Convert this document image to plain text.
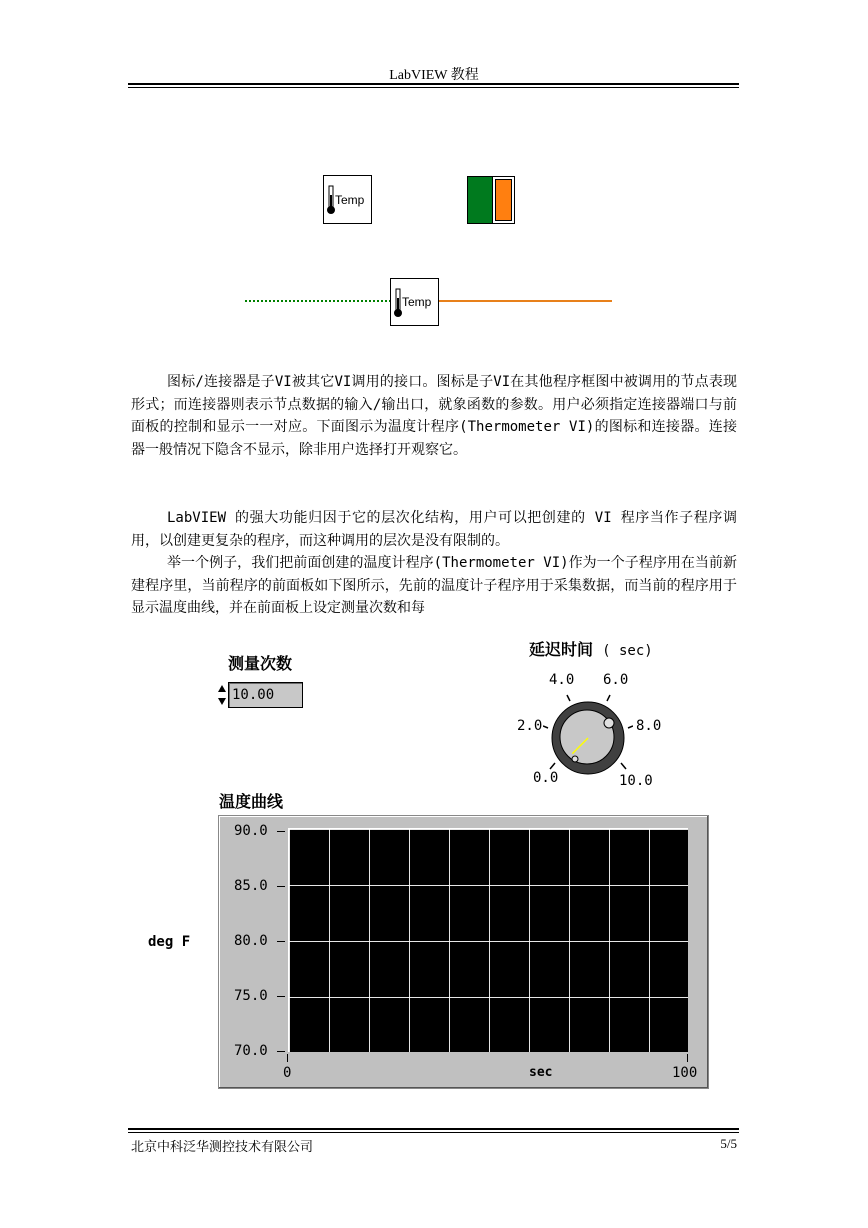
LabVIEW 教程
Temp
Temp

图标/连接器是子VI被其它VI调用的接口。图标是子VI在其他程序框图中被调用的节点表现形式；而连接器则表示节点数据的输入/输出口，就象函数的参数。用户必须指定连接器端口与前面板的控制和显示一一对应。下面图示为温度计程序(Thermometer VI)的图标和连接器。连接器一般情况下隐含不显示，除非用户选择打开观察它。

LabVIEW 的强大功能归因于它的层次化结构，用户可以把创建的 VI 程序当作子程序调用，以创建更复杂的程序，而这种调用的层次是没有限制的。

举一个例子，我们把前面创建的温度计程序(Thermometer VI)作为一个子程序用在当前新建程序里，当前程序的前面板如下图所示，先前的温度计子程序用于采集数据，而当前的程序用于显示温度曲线，并在前面板上设定测量次数和每

测量次数
10.00
延迟时间 ( sec)
0.0
2.0
4.0 6.0
8.0
10.0
温度曲线
deg F
90.0
85.0
80.0
75.0
70.0
0	sec	100
北京中科泛华测控技术有限公司	5/5
